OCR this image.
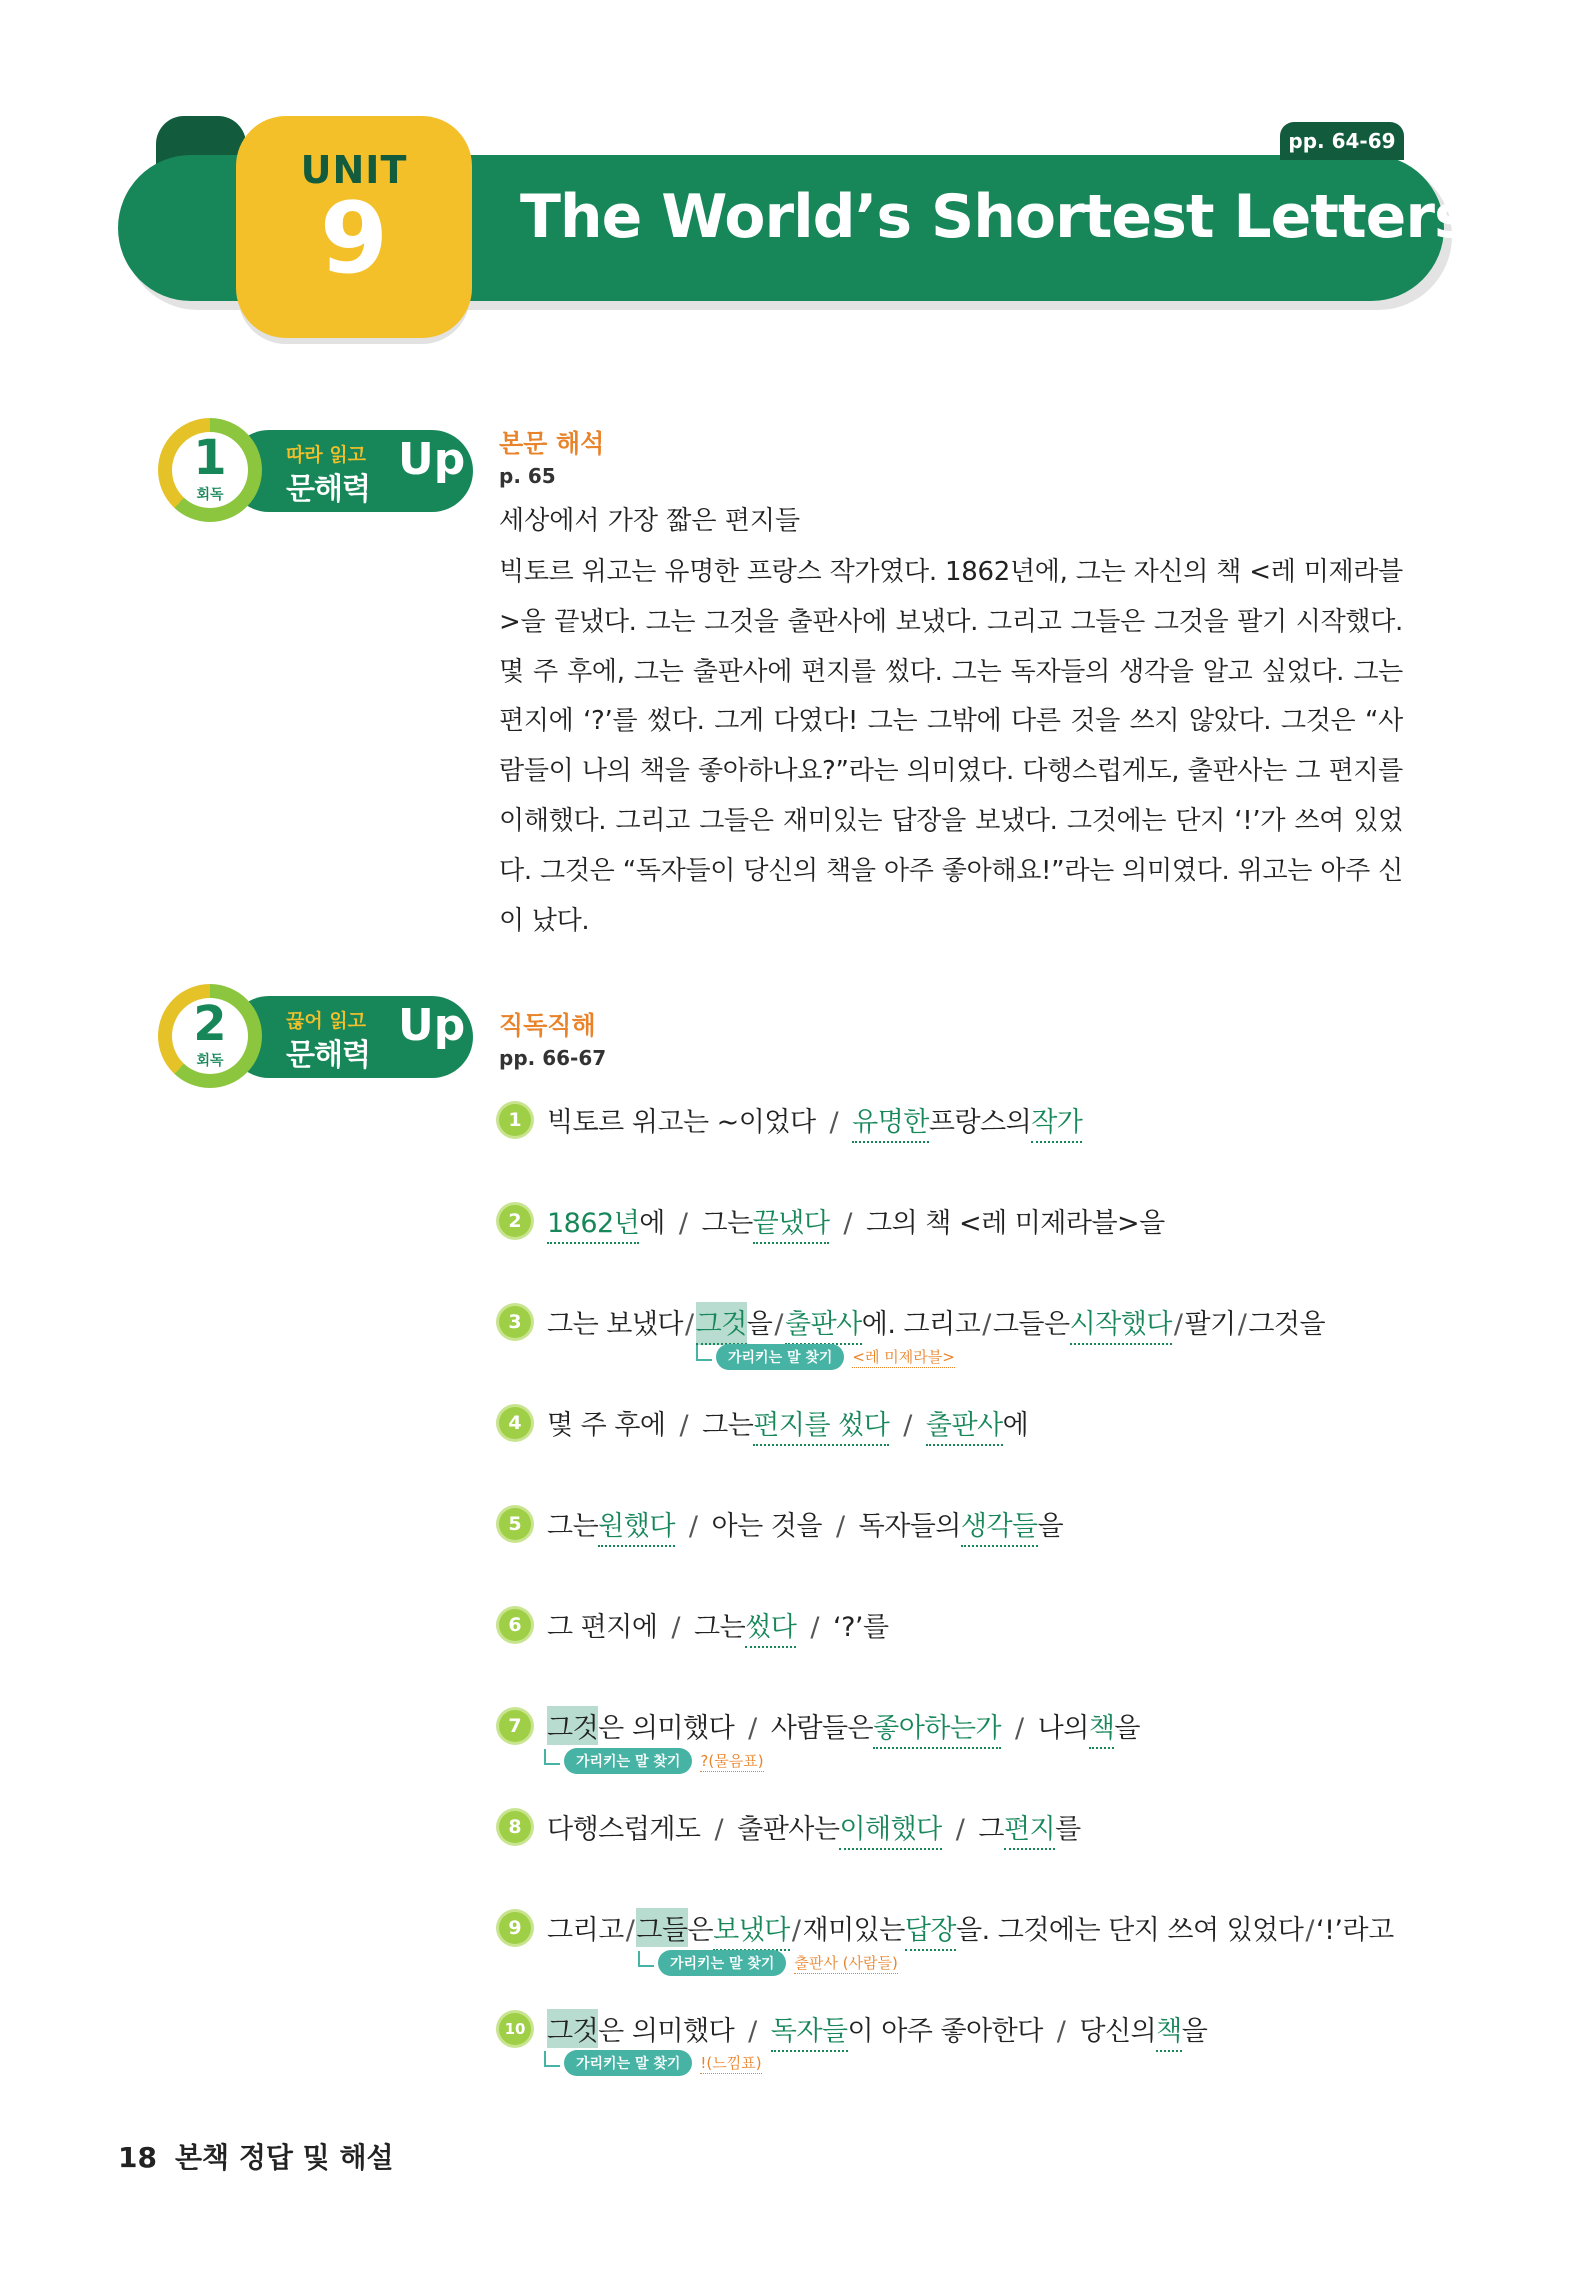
pp. 64-69
UNIT
9	The World’s Shortest Letters
1
회독
따라 읽고
문해력
Up 본문 해석
p. 65
세상에서 가장 짧은 편지들
빅토르 위고는 유명한 프랑스 작가였다. 1862년에, 그는 자신의 책 <레 미제라블>을 끝냈다. 그는 그것을 출판사에 보냈다. 그리고 그들은 그것을 팔기 시작했다. 몇 주 후에, 그는 출판사에 편지를 썼다. 그는 독자들의 생각을 알고 싶었다. 그는 편지에 ‘?’를 썼다. 그게 다였다! 그는 그밖에 다른 것을 쓰지 않았다. 그것은 “사람들이 나의 책을 좋아하나요?”라는 의미였다. 다행스럽게도, 출판사는 그 편지를 이해했다. 그리고 그들은 재미있는 답장을 보냈다. 그것에는 단지 ‘!’가 쓰여 있었다. 그것은 “독자들이 당신의 책을 아주 좋아해요!”라는 의미였다. 위고는 아주 신이 났다.
2
회독
끊어 읽고
문해력
Up 직독직해
pp. 66-67
1 빅토르 위고는 ~이었다 / 유명한프랑스의작가
2 1862년에 / 그는끝냈다 / 그의 책 <레 미제라블>을
3 그는 보냈다/그것을/출판사에. 그리고/그들은시작했다/팔기/그것을
가리키는 말 찾기 <레 미제라블>
4 몇 주 후에 / 그는편지를 썼다 / 출판사에
5 그는원했다 / 아는 것을 / 독자들의생각들을
6 그 편지에 / 그는썼다 / ‘?’를
7 그것은 의미했다 / 사람들은좋아하는가 / 나의책을
가리키는 말 찾기 ?(물음표)
8 다행스럽게도 / 출판사는이해했다 / 그편지를
9 그리고/그들은보냈다/재미있는답장을. 그것에는 단지 쓰여 있었다/‘!’라고
가리키는 말 찾기 출판사 (사람들)
10 그것은 의미했다 / 독자들이 아주 좋아한다 / 당신의책을
가리키는 말 찾기 !(느낌표)
18 본책 정답 및 해설
